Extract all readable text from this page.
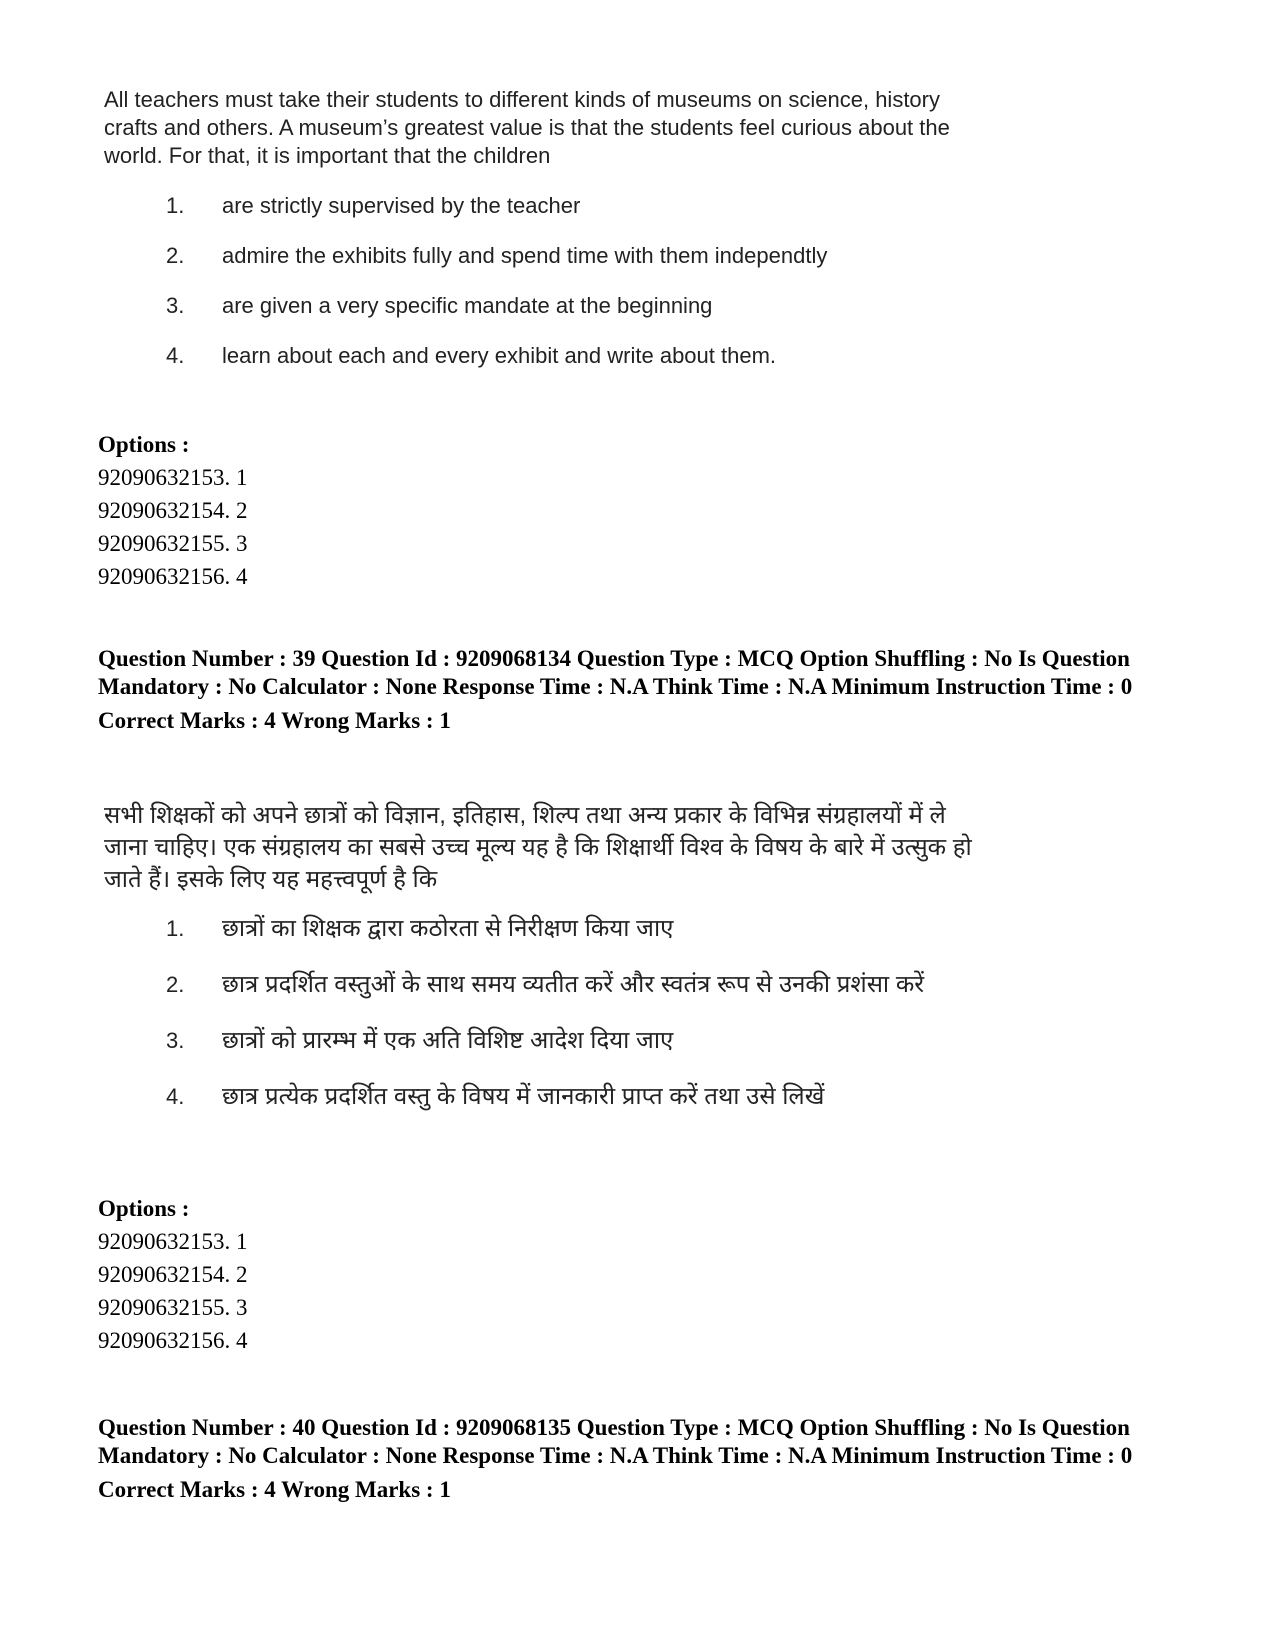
All teachers must take their students to different kinds of museums on science, history crafts and others. A museum’s greatest value is that the students feel curious about the world. For that, it is important that the children

1. are strictly supervised by the teacher
2. admire the exhibits fully and spend time with them independtly
3. are given a very specific mandate at the beginning
4. learn about each and every exhibit and write about them.
Options :
92090632153. 1
92090632154. 2
92090632155. 3
92090632156. 4
Question Number : 39 Question Id : 9209068134 Question Type : MCQ Option Shuffling : No Is Question Mandatory : No Calculator : None Response Time : N.A Think Time : N.A Minimum Instruction Time : 0
Correct Marks : 4 Wrong Marks : 1

सभी शिक्षकों को अपने छात्रों को विज्ञान, इतिहास, शिल्प तथा अन्य प्रकार के विभिन्न संग्रहालयों में ले जाना चाहिए। एक संग्रहालय का सबसे उच्च मूल्य यह है कि शिक्षार्थी विश्व के विषय के बारे में उत्सुक हो जाते हैं। इसके लिए यह महत्त्वपूर्ण है कि

1. छात्रों का शिक्षक द्वारा कठोरता से निरीक्षण किया जाए
2. छात्र प्रदर्शित वस्तुओं के साथ समय व्यतीत करें और स्वतंत्र रूप से उनकी प्रशंसा करें
3. छात्रों को प्रारम्भ में एक अति विशिष्ट आदेश दिया जाए
4. छात्र प्रत्येक प्रदर्शित वस्तु के विषय में जानकारी प्राप्त करें तथा उसे लिखें
Options :
92090632153. 1
92090632154. 2
92090632155. 3
92090632156. 4
Question Number : 40 Question Id : 9209068135 Question Type : MCQ Option Shuffling : No Is Question Mandatory : No Calculator : None Response Time : N.A Think Time : N.A Minimum Instruction Time : 0
Correct Marks : 4 Wrong Marks : 1
